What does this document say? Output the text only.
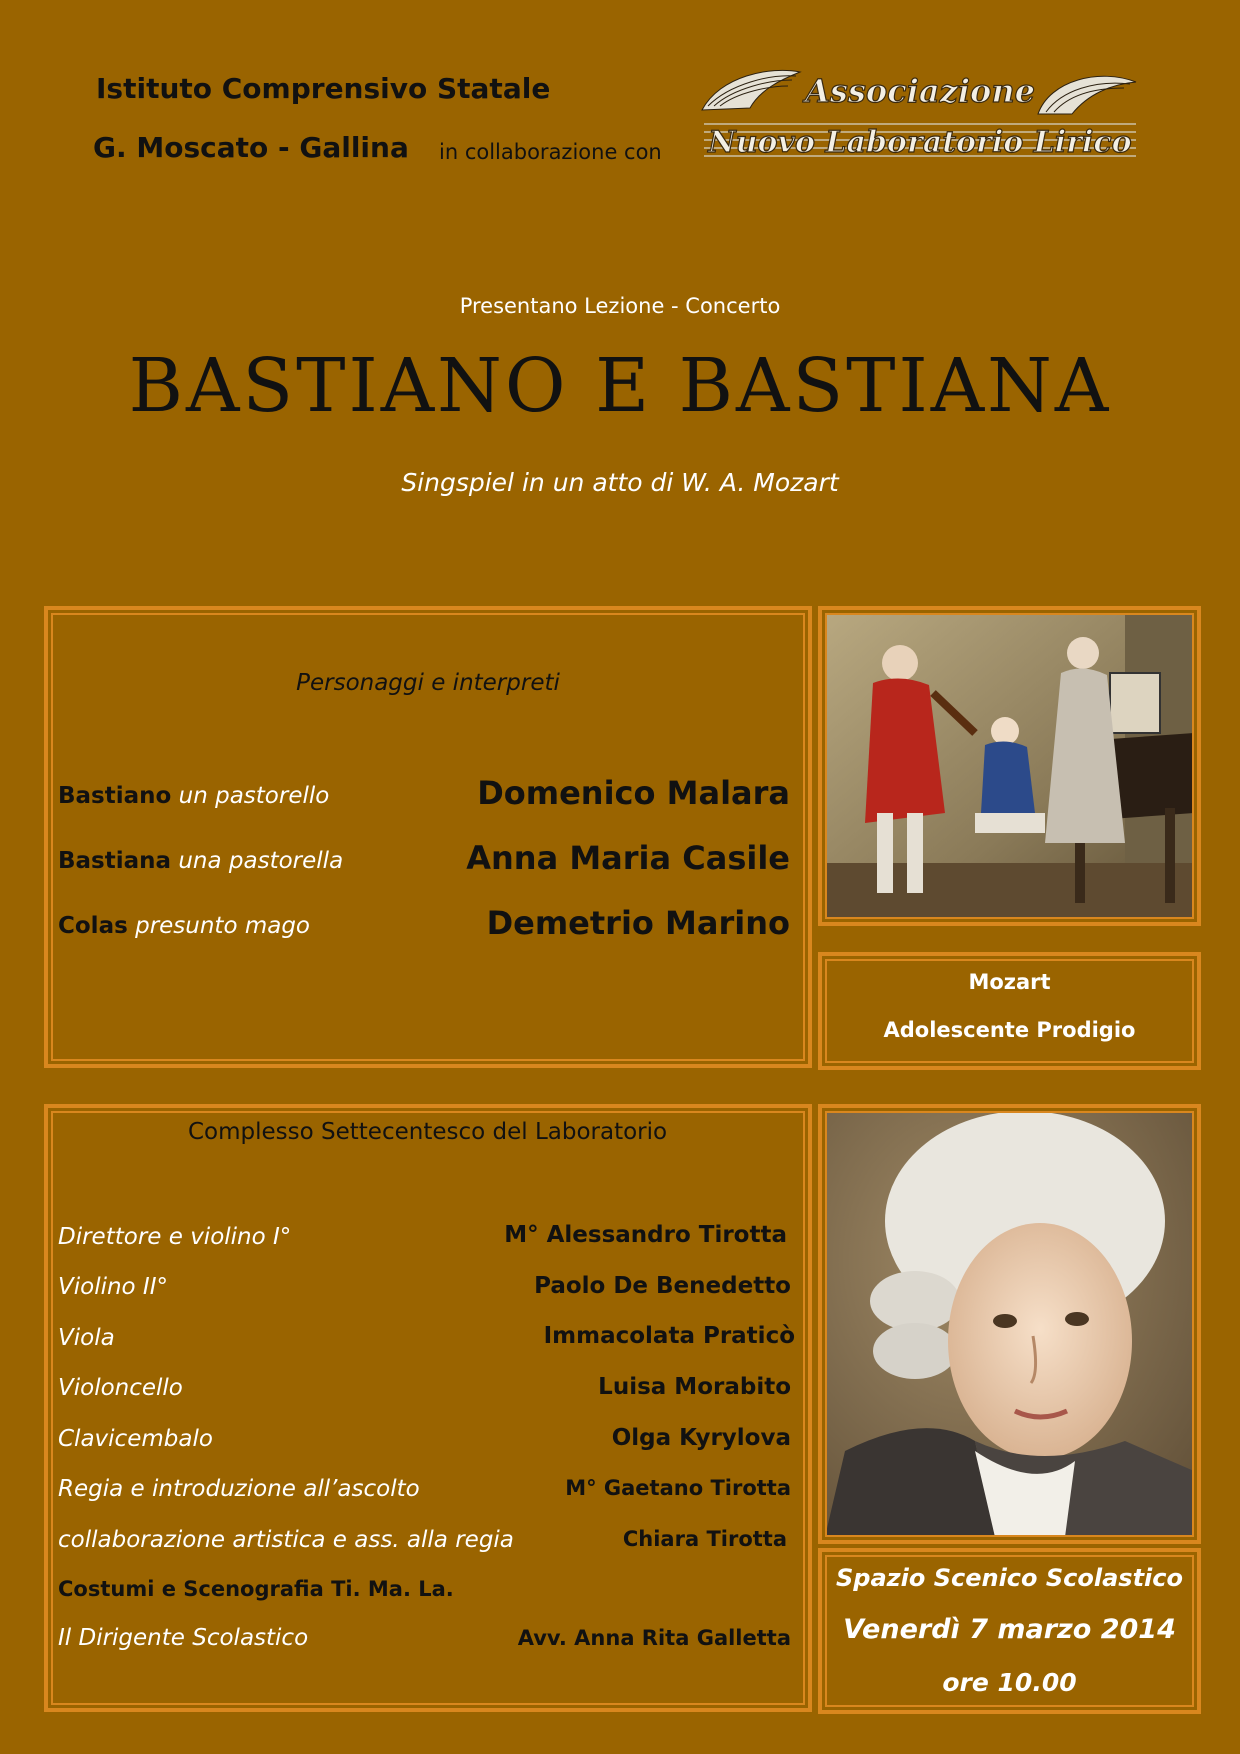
Istituto Comprensivo Statale
G. Moscato - Gallina in collaborazione con
Associazione
Nuovo Laboratorio Lirico
Presentano Lezione - Concerto
BASTIANO E BASTIANA
Singspiel in un atto di W. A. Mozart
Personaggi e interpreti
Bastiano un pastorello	Domenico Malara
Bastiana una pastorella	Anna Maria Casile
Colas presunto mago	Demetrio Marino
Mozart
Adolescente Prodigio
Complesso Settecentesco del Laboratorio
Direttore e violino I°	M° Alessandro Tirotta
Violino II°	Paolo De Benedetto
Viola	Immacolata Praticò
Violoncello	Luisa Morabito
Clavicembalo	Olga Kyrylova
Regia e introduzione all’ascolto	M° Gaetano Tirotta
collaborazione artistica e ass. alla regia	Chiara Tirotta
Costumi e Scenografia Ti. Ma. La.
Il Dirigente Scolastico	Avv. Anna Rita Galletta
Spazio Scenico Scolastico
Venerdì 7 marzo 2014
ore 10.00
